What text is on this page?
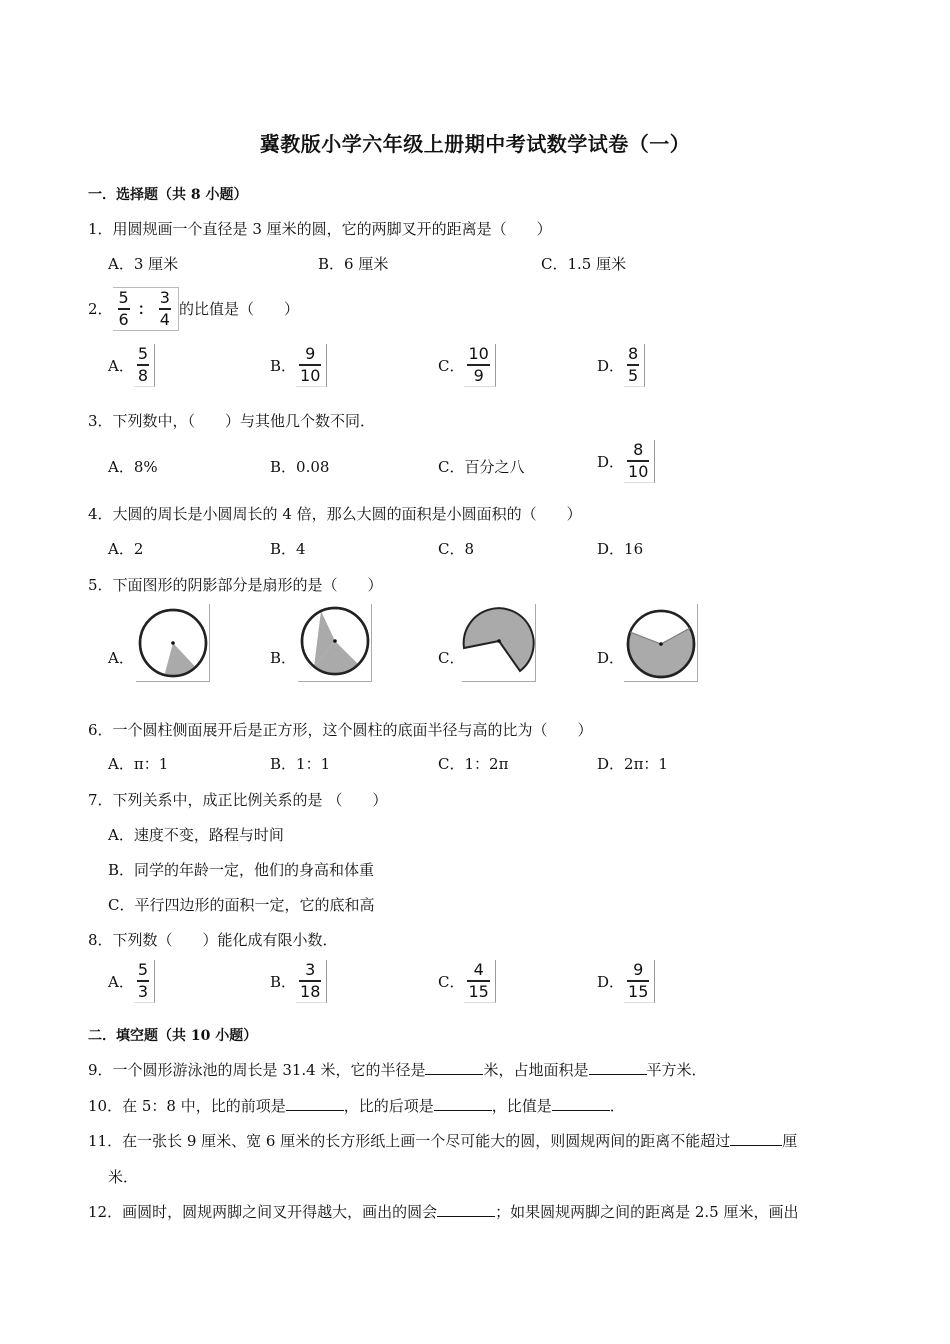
冀教版小学六年级上册期中考试数学试卷（一）
一．选择题（共 8 小题）
1．用圆规画一个直径是 3 厘米的圆，它的两脚叉开的距离是（　　）
A．3 厘米	B．6 厘米	C．1.5 厘米
2． $\frac{5}{6}$ ： $\frac{3}{4}$ 的比值是（　　）
A． $\frac{5}{8}$	B． $\frac{9}{10}$	C． $\frac{10}{9}$	D． $\frac{8}{5}$
3．下列数中，（　　）与其他几个数不同．
A．8%	B．0.08	C．百分之八	D． $\frac{8}{10}$
4．大圆的周长是小圆周长的 4 倍，那么大圆的面积是小圆面积的（　　）
A．2	B．4	C．8	D．16
5．下面图形的阴影部分是扇形的是（　　）
A．	B．	C．	D．
6．一个圆柱侧面展开后是正方形，这个圆柱的底面半径与高的比为（　　）
A．π：1	B．1：1	C．1：2π	D．2π：1
7．下列关系中，成正比例关系的是 （　　）
A．速度不变，路程与时间
B．同学的年龄一定，他们的身高和体重
C．平行四边形的面积一定，它的底和高
8．下列数（　　）能化成有限小数．
A． $\frac{5}{3}$	B． $\frac{3}{18}$	C． $\frac{4}{15}$	D． $\frac{9}{15}$
二．填空题（共 10 小题）
9．一个圆形游泳池的周长是 31.4 米，它的半径是	米，占地面积是	平方米．
10．在 5：8 中，比的前项是	，比的后项是	，比值是	．
11．在一张长 9 厘米、宽 6 厘米的长方形纸上画一个尽可能大的圆，则圆规两间的距离不能超过	厘
米．
12．画圆时，圆规两脚之间叉开得越大，画出的圆会	；如果圆规两脚之间的距离是 2.5 厘米，画出
